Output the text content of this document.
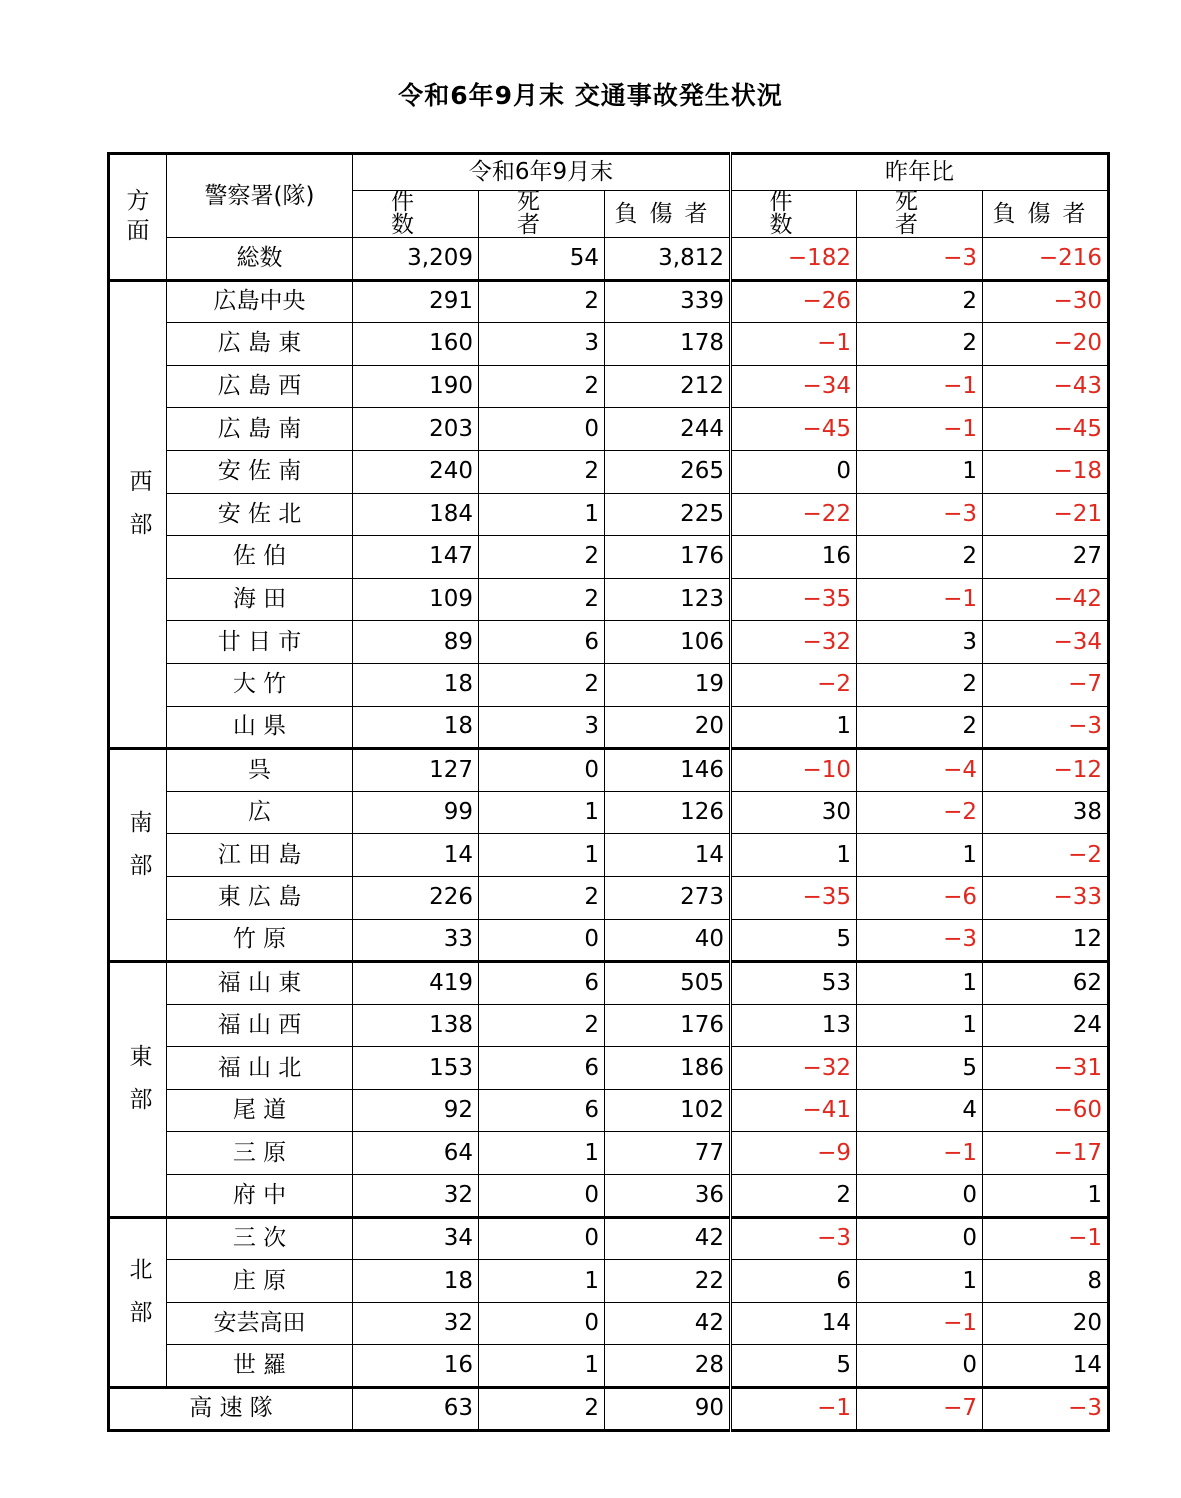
令和6年9月末 交通事故発生状況
方
面	警察署(隊)	令和6年9月末			昨年比		
		件 数	死 者	負傷者	件 数	死 者	負傷者
	総数	3,209	54	3,812	−182	−3	−216
西部	広島中央	291	2	339	−26	2	−30
	広 島 東	160	3	178	−1	2	−20
	広 島 西	190	2	212	−34	−1	−43
	広 島 南	203	0	244	−45	−1	−45
	安 佐 南	240	2	265	0	1	−18
	安 佐 北	184	1	225	−22	−3	−21
	佐 伯	147	2	176	16	2	27
	海 田	109	2	123	−35	−1	−42
	廿 日 市	89	6	106	−32	3	−34
	大 竹	18	2	19	−2	2	−7
	山 県	18	3	20	1	2	−3
南部	呉	127	0	146	−10	−4	−12
	広	99	1	126	30	−2	38
	江 田 島	14	1	14	1	1	−2
	東 広 島	226	2	273	−35	−6	−33
	竹 原	33	0	40	5	−3	12
東部	福 山 東	419	6	505	53	1	62
	福 山 西	138	2	176	13	1	24
	福 山 北	153	6	186	−32	5	−31
	尾 道	92	6	102	−41	4	−60
	三 原	64	1	77	−9	−1	−17
	府 中	32	0	36	2	0	1
北部	三 次	34	0	42	−3	0	−1
	庄 原	18	1	22	6	1	8
	安芸高田	32	0	42	14	−1	20
	世 羅	16	1	28	5	0	14
高 速 隊		63	2	90	−1	−7	−3
